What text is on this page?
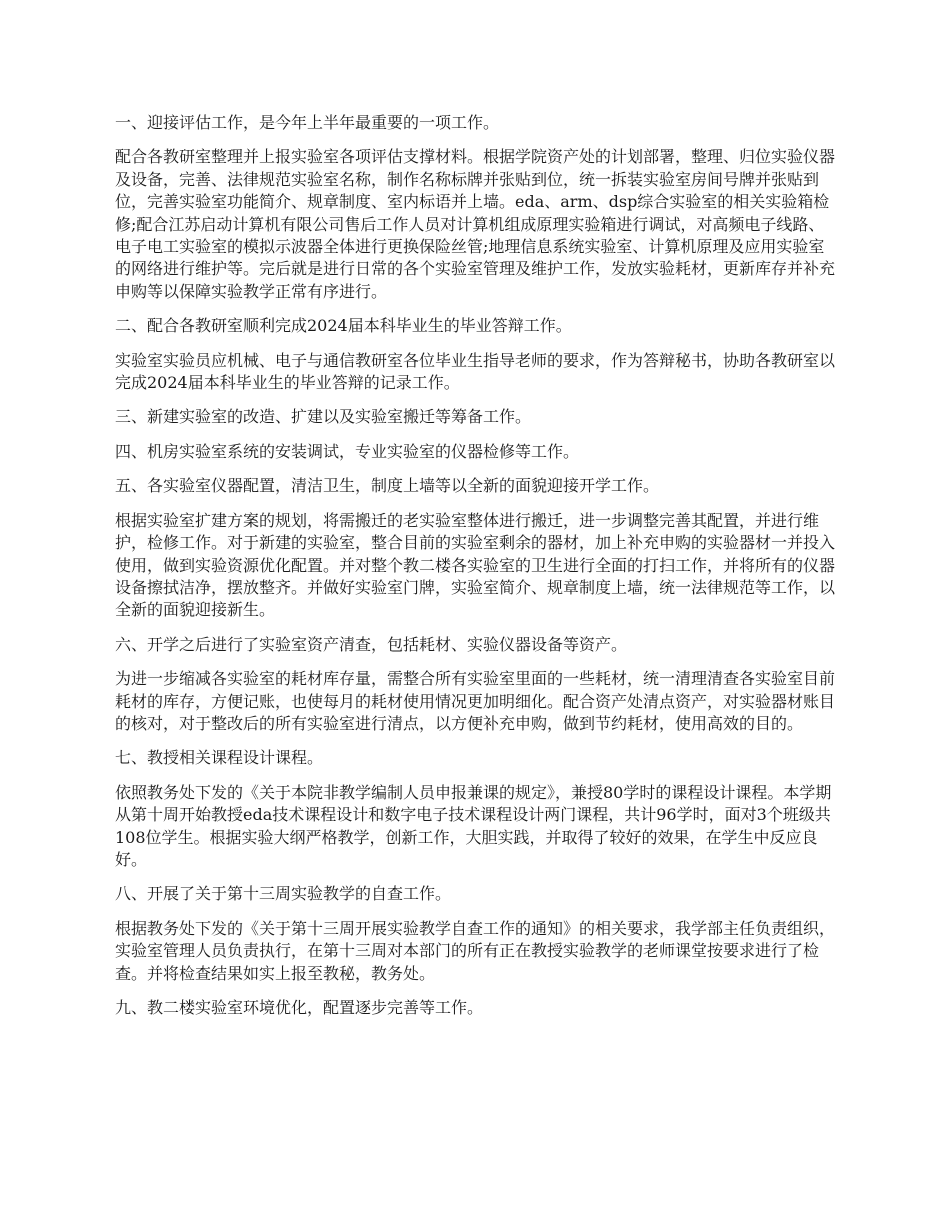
一、迎接评估工作，是今年上半年最重要的一项工作。

配合各教研室整理并上报实验室各项评估支撑材料。根据学院资产处的计划部署，整理、归位实验仪器及设备，完善、法律规范实验室名称，制作名称标牌并张贴到位，统一拆装实验室房间号牌并张贴到位，完善实验室功能简介、规章制度、室内标语并上墙。eda、arm、dsp综合实验室的相关实验箱检修;配合江苏启动计算机有限公司售后工作人员对计算机组成原理实验箱进行调试，对高频电子线路、电子电工实验室的模拟示波器全体进行更换保险丝管;地理信息系统实验室、计算机原理及应用实验室的网络进行维护等。完后就是进行日常的各个实验室管理及维护工作，发放实验耗材，更新库存并补充申购等以保障实验教学正常有序进行。

二、配合各教研室顺利完成2024届本科毕业生的毕业答辩工作。

实验室实验员应机械、电子与通信教研室各位毕业生指导老师的要求，作为答辩秘书，协助各教研室以完成2024届本科毕业生的毕业答辩的记录工作。

三、新建实验室的改造、扩建以及实验室搬迁等筹备工作。

四、机房实验室系统的安装调试，专业实验室的仪器检修等工作。

五、各实验室仪器配置，清洁卫生，制度上墙等以全新的面貌迎接开学工作。

根据实验室扩建方案的规划，将需搬迁的老实验室整体进行搬迁，进一步调整完善其配置，并进行维护，检修工作。对于新建的实验室，整合目前的实验室剩余的器材，加上补充申购的实验器材一并投入使用，做到实验资源优化配置。并对整个教二楼各实验室的卫生进行全面的打扫工作，并将所有的仪器设备擦拭洁净，摆放整齐。并做好实验室门牌，实验室简介、规章制度上墙，统一法律规范等工作，以全新的面貌迎接新生。

六、开学之后进行了实验室资产清查，包括耗材、实验仪器设备等资产。

为进一步缩减各实验室的耗材库存量，需整合所有实验室里面的一些耗材，统一清理清查各实验室目前耗材的库存，方便记账，也使每月的耗材使用情况更加明细化。配合资产处清点资产，对实验器材账目的核对，对于整改后的所有实验室进行清点，以方便补充申购，做到节约耗材，使用高效的目的。

七、教授相关课程设计课程。

依照教务处下发的《关于本院非教学编制人员申报兼课的规定》，兼授80学时的课程设计课程。本学期从第十周开始教授eda技术课程设计和数字电子技术课程设计两门课程，共计96学时，面对3个班级共108位学生。根据实验大纲严格教学，创新工作，大胆实践，并取得了较好的效果，在学生中反应良好。

八、开展了关于第十三周实验教学的自查工作。

根据教务处下发的《关于第十三周开展实验教学自查工作的通知》的相关要求，我学部主任负责组织，实验室管理人员负责执行，在第十三周对本部门的所有正在教授实验教学的老师课堂按要求进行了检查。并将检查结果如实上报至教秘，教务处。

九、教二楼实验室环境优化，配置逐步完善等工作。
